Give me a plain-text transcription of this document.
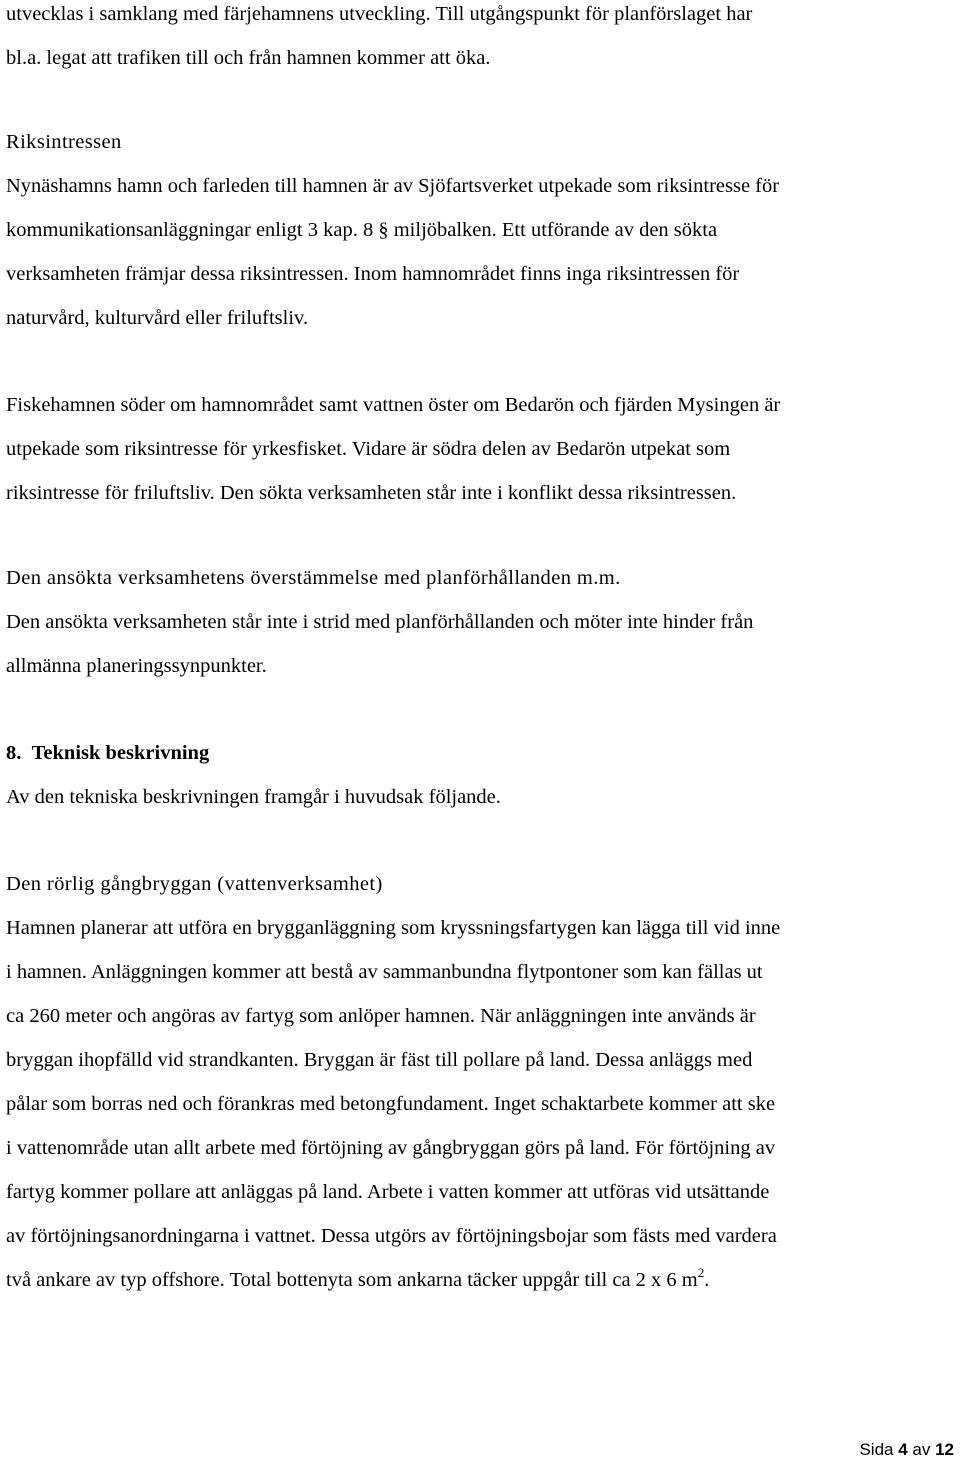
utvecklas i samklang med färjehamnens utveckling. Till utgångspunkt för planförslaget har
bl.a. legat att trafiken till och från hamnen kommer att öka.
Riksintressen
Nynäshamns hamn och farleden till hamnen är av Sjöfartsverket utpekade som riksintresse för
kommunikationsanläggningar enligt 3 kap. 8 § miljöbalken. Ett utförande av den sökta
verksamheten främjar dessa riksintressen. Inom hamnområdet finns inga riksintressen för
naturvård, kulturvård eller friluftsliv.
Fiskehamnen söder om hamnområdet samt vattnen öster om Bedarön och fjärden Mysingen är
utpekade som riksintresse för yrkesfisket. Vidare är södra delen av Bedarön utpekat som
riksintresse för friluftsliv. Den sökta verksamheten står inte i konflikt dessa riksintressen.
Den ansökta verksamhetens överstämmelse med planförhållanden m.m.
Den ansökta verksamheten står inte i strid med planförhållanden och möter inte hinder från
allmänna planeringssynpunkter.
8. Teknisk beskrivning
Av den tekniska beskrivningen framgår i huvudsak följande.
Den rörlig gångbryggan (vattenverksamhet)
Hamnen planerar att utföra en brygganläggning som kryssningsfartygen kan lägga till vid inne
i hamnen. Anläggningen kommer att bestå av sammanbundna flytpontoner som kan fällas ut
ca 260 meter och angöras av fartyg som anlöper hamnen. När anläggningen inte används är
bryggan ihopfälld vid strandkanten. Bryggan är fäst till pollare på land. Dessa anläggs med
pålar som borras ned och förankras med betongfundament. Inget schaktarbete kommer att ske
i vattenområde utan allt arbete med förtöjning av gångbryggan görs på land. För förtöjning av
fartyg kommer pollare att anläggas på land. Arbete i vatten kommer att utföras vid utsättande
av förtöjningsanordningarna i vattnet. Dessa utgörs av förtöjningsbojar som fästs med vardera
två ankare av typ offshore. Total bottenyta som ankarna täcker uppgår till ca 2 x 6 $m^2$.
Sida 4 av 12
